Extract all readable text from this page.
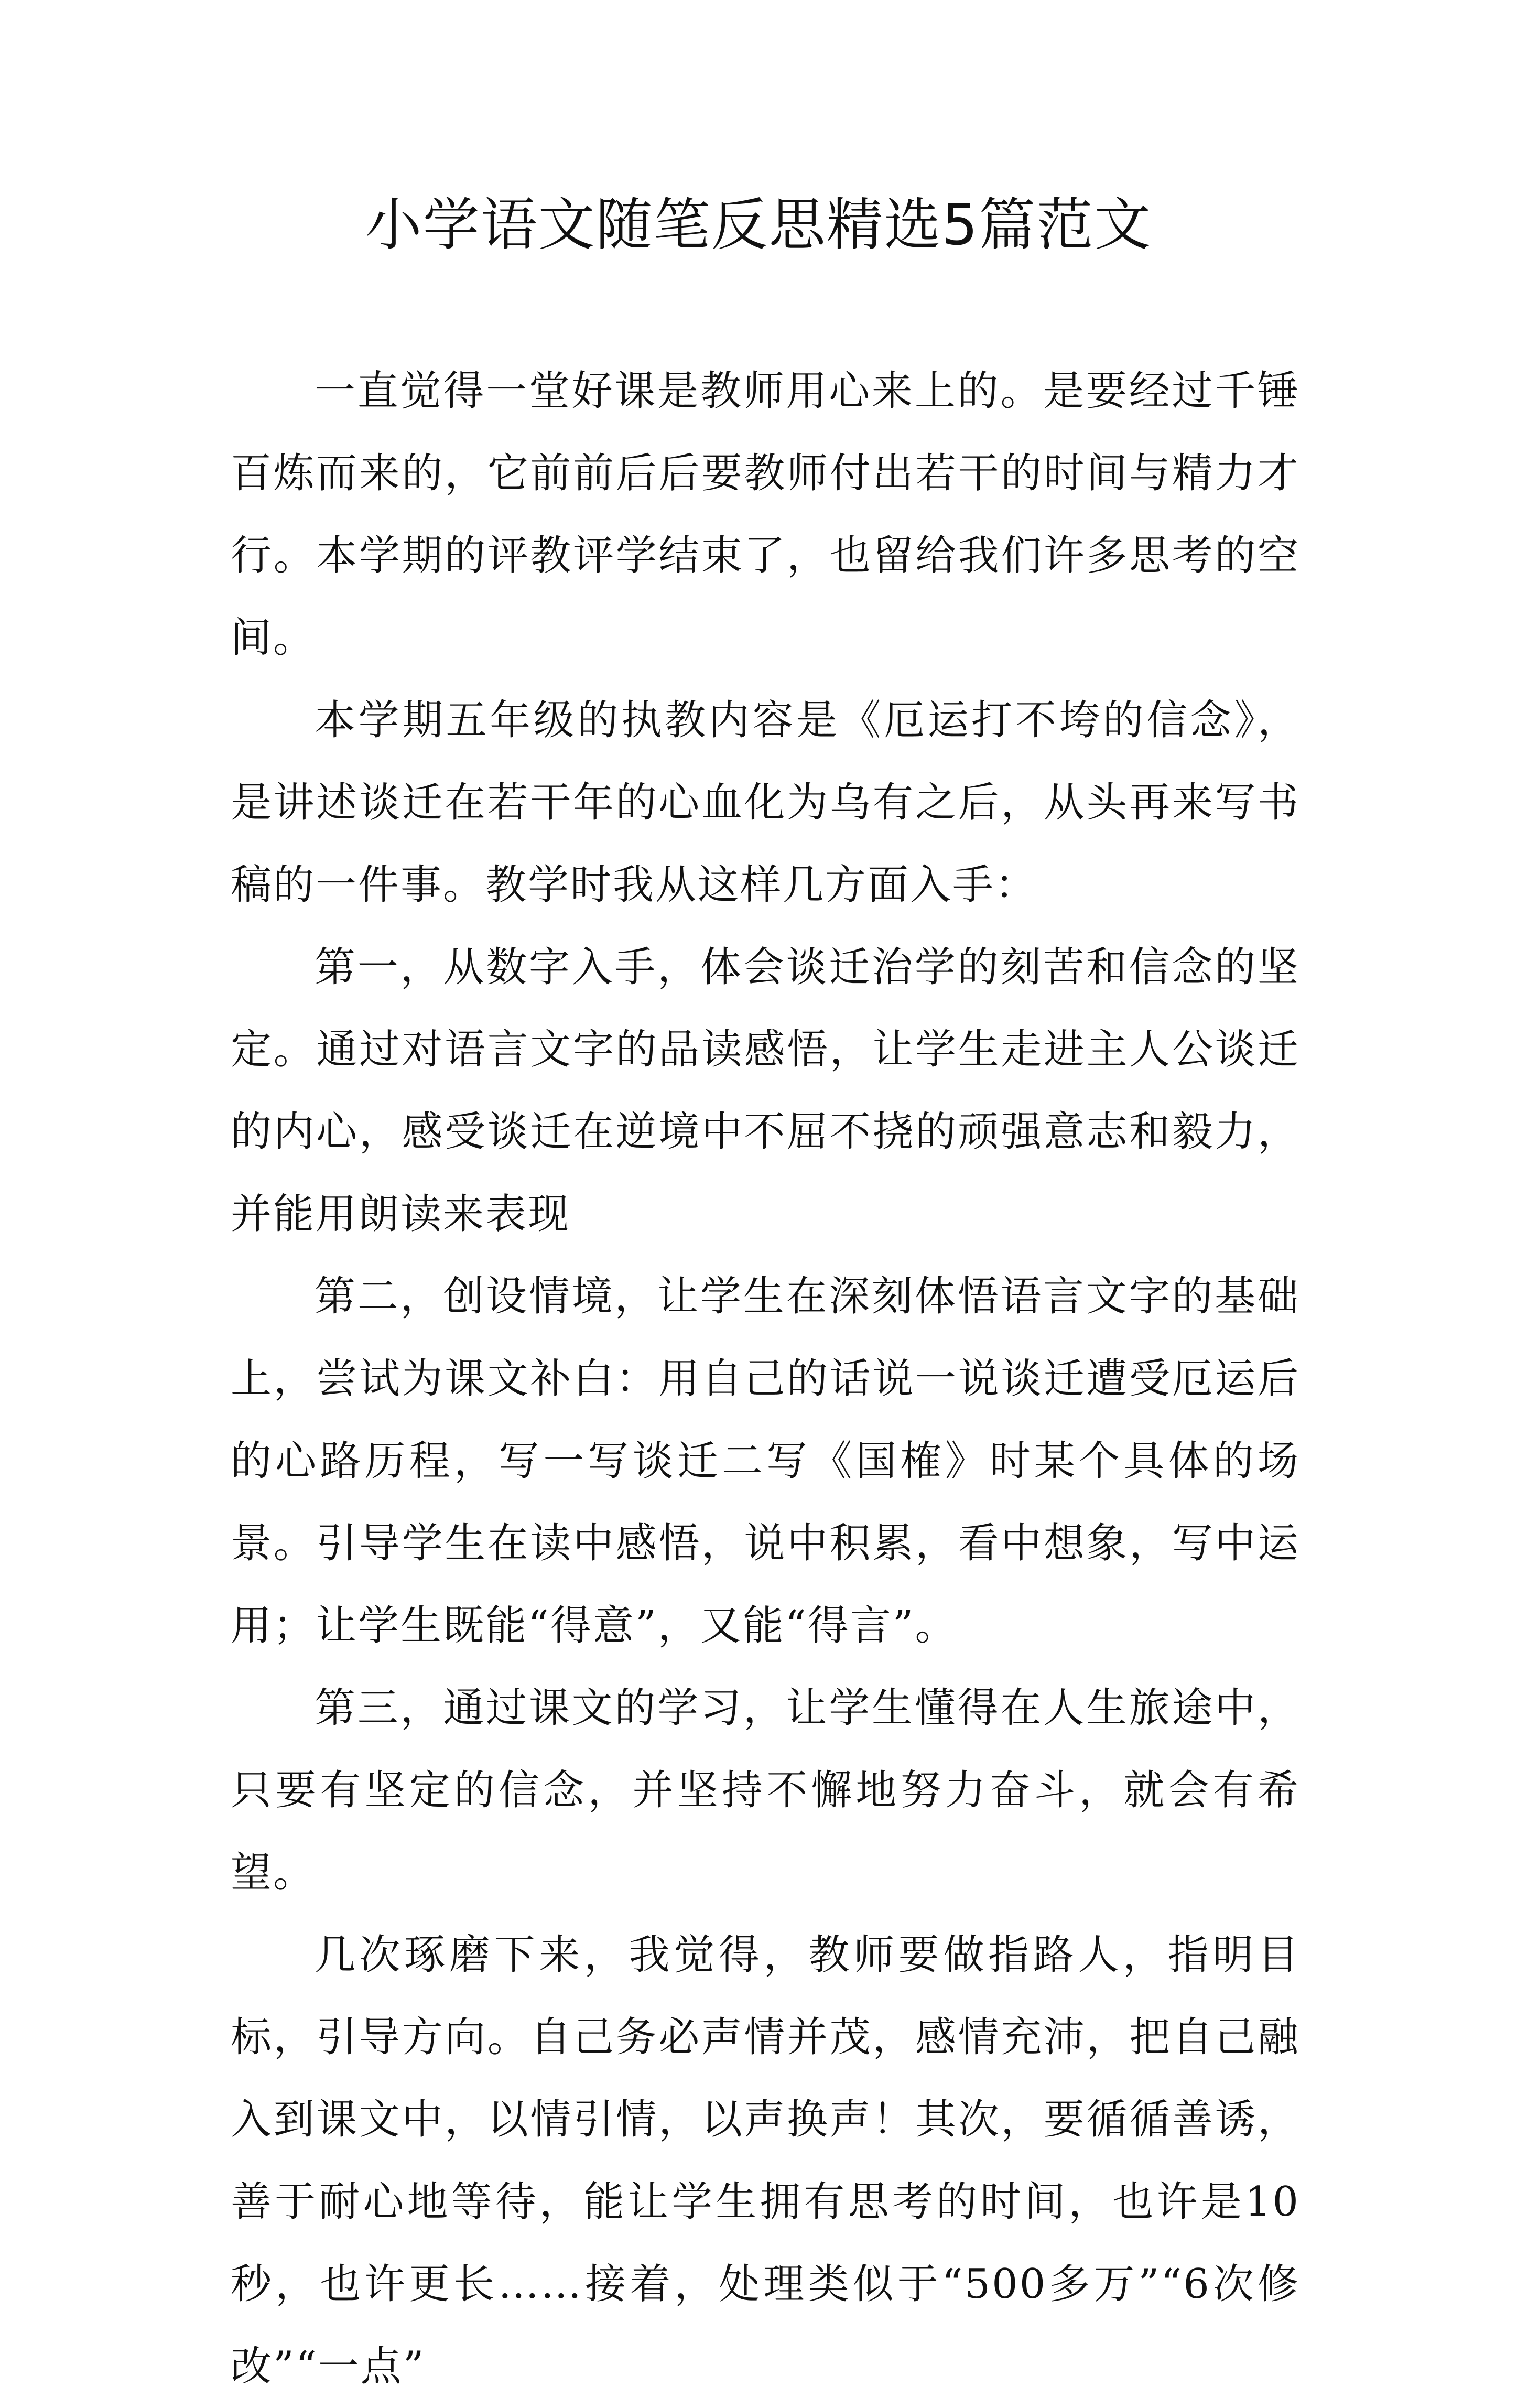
小学语文随笔反思精选5篇范文

一直觉得一堂好课是教师用心来上的。是要经过千锤百炼而来的，它前前后后要教师付出若干的时间与精力才行。本学期的评教评学结束了，也留给我们许多思考的空间。

本学期五年级的执教内容是《厄运打不垮的信念》，是讲述谈迁在若干年的心血化为乌有之后，从头再来写书稿的一件事。教学时我从这样几方面入手：

第一，从数字入手，体会谈迁治学的刻苦和信念的坚定。通过对语言文字的品读感悟，让学生走进主人公谈迁的内心，感受谈迁在逆境中不屈不挠的顽强意志和毅力，并能用朗读来表现

第二，创设情境，让学生在深刻体悟语言文字的基础上，尝试为课文补白：用自己的话说一说谈迁遭受厄运后的心路历程，写一写谈迁二写《国榷》时某个具体的场景。引导学生在读中感悟，说中积累，看中想象，写中运用；让学生既能“得意”，又能“得言”。

第三，通过课文的学习，让学生懂得在人生旅途中，只要有坚定的信念，并坚持不懈地努力奋斗，就会有希望。

几次琢磨下来，我觉得，教师要做指路人，指明目标，引导方向。自己务必声情并茂，感情充沛，把自己融入到课文中，以情引情，以声换声！其次，要循循善诱，善于耐心地等待，能让学生拥有思考的时间，也许是10秒，也许更长……接着，处理类似于“500多万”“6次修改”“一点”
